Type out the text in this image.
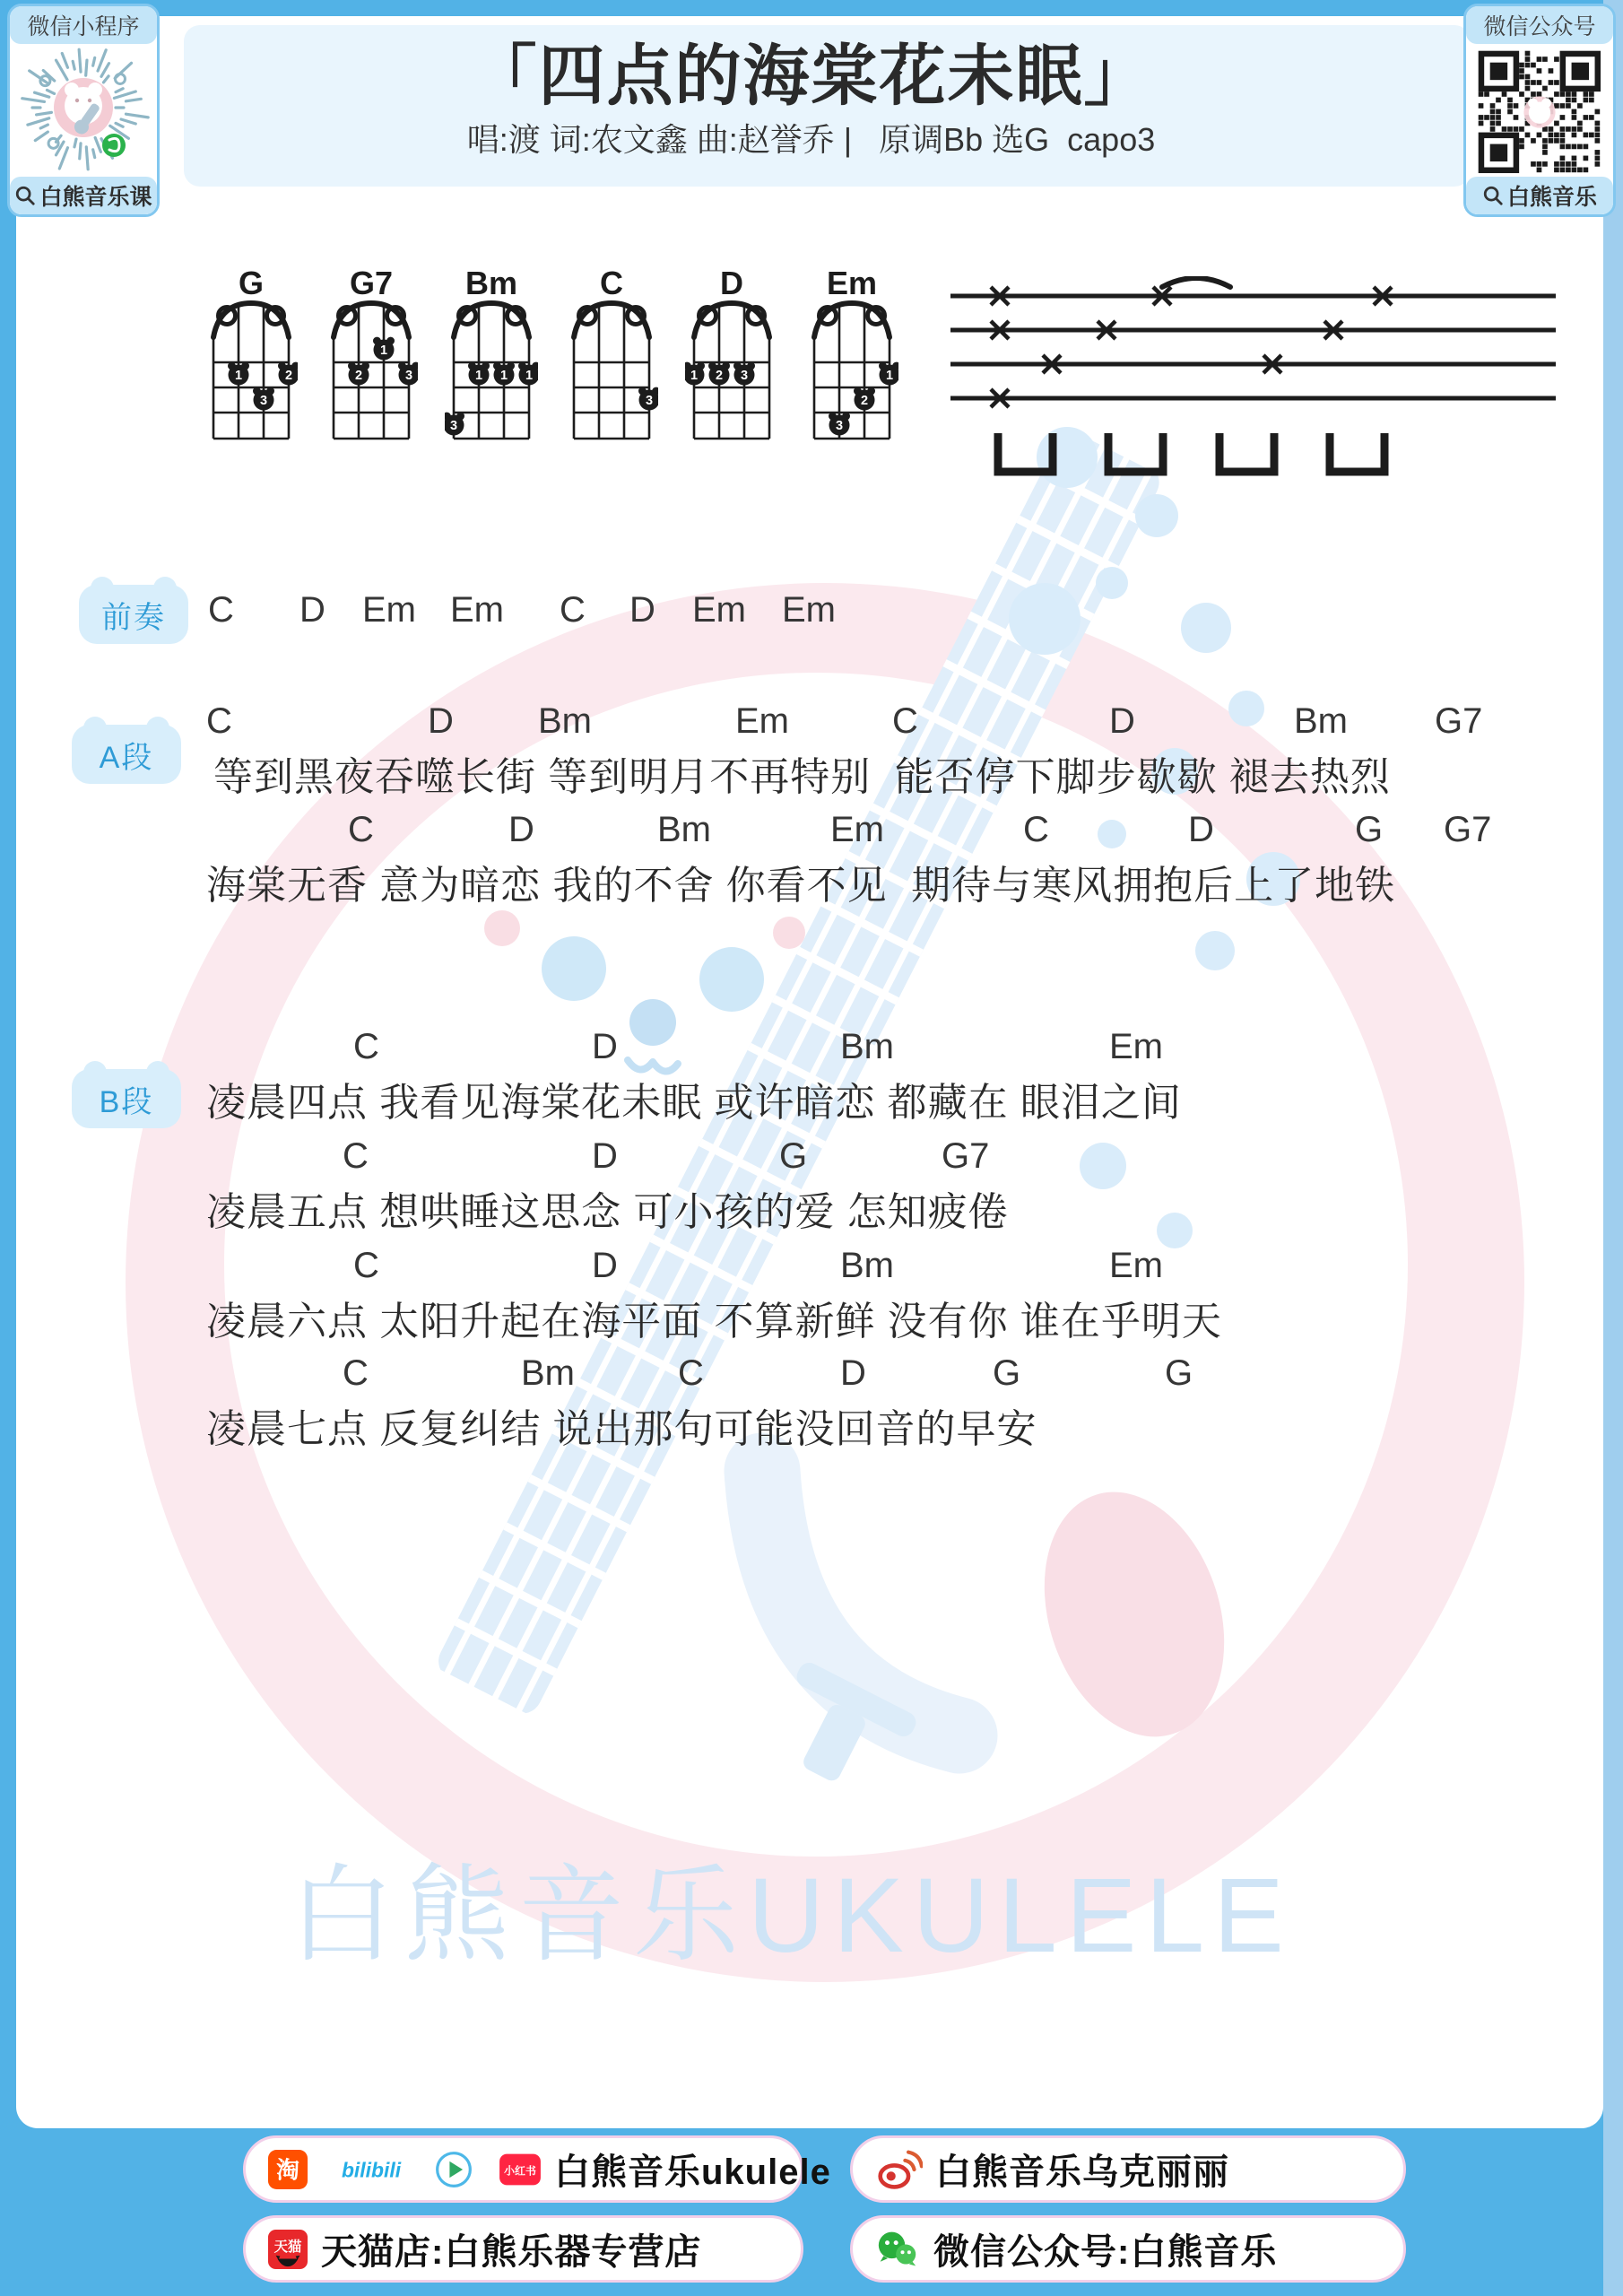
「四点的海棠花未眠」
唱:渡 词:农文鑫 曲:赵誉乔 |   原调Bb 选G  capo3
微信小程序
白熊音乐课
微信公众号
白熊音乐
G
1	2
3
G7
1
2	3
Bm
1 1 1
3
C
3
D
1 2 3
Em
1
2
3
前奏	C D Em Em C D Em Em
A段
C	D Bm	Em	C	D	Bm G7
等到黑夜吞噬长街 等到明月不再特别  能否停下脚步歇歇 褪去热烈
C	D	Bm	Em	C	D	G G7
海棠无香 意为暗恋 我的不舍 你看不见  期待与寒风拥抱后上了地铁
B段
C	D	Bm	Em
凌晨四点 我看见海棠花未眠 或许暗恋 都藏在 眼泪之间
C	D	G	G7
凌晨五点 想哄睡这思念 可小孩的爱 怎知疲倦
C	D	Bm	Em
凌晨六点 太阳升起在海平面 不算新鲜 没有你 谁在乎明天
C	Bm	C	D	G	G
凌晨七点 反复纠结 说出那句可能没回音的早安
白熊音乐UKULELE
淘 bilibili	小红书 白熊音乐ukulele	白熊音乐乌克丽丽
天猫 天猫店:白熊乐器专营店	微信公众号:白熊音乐
